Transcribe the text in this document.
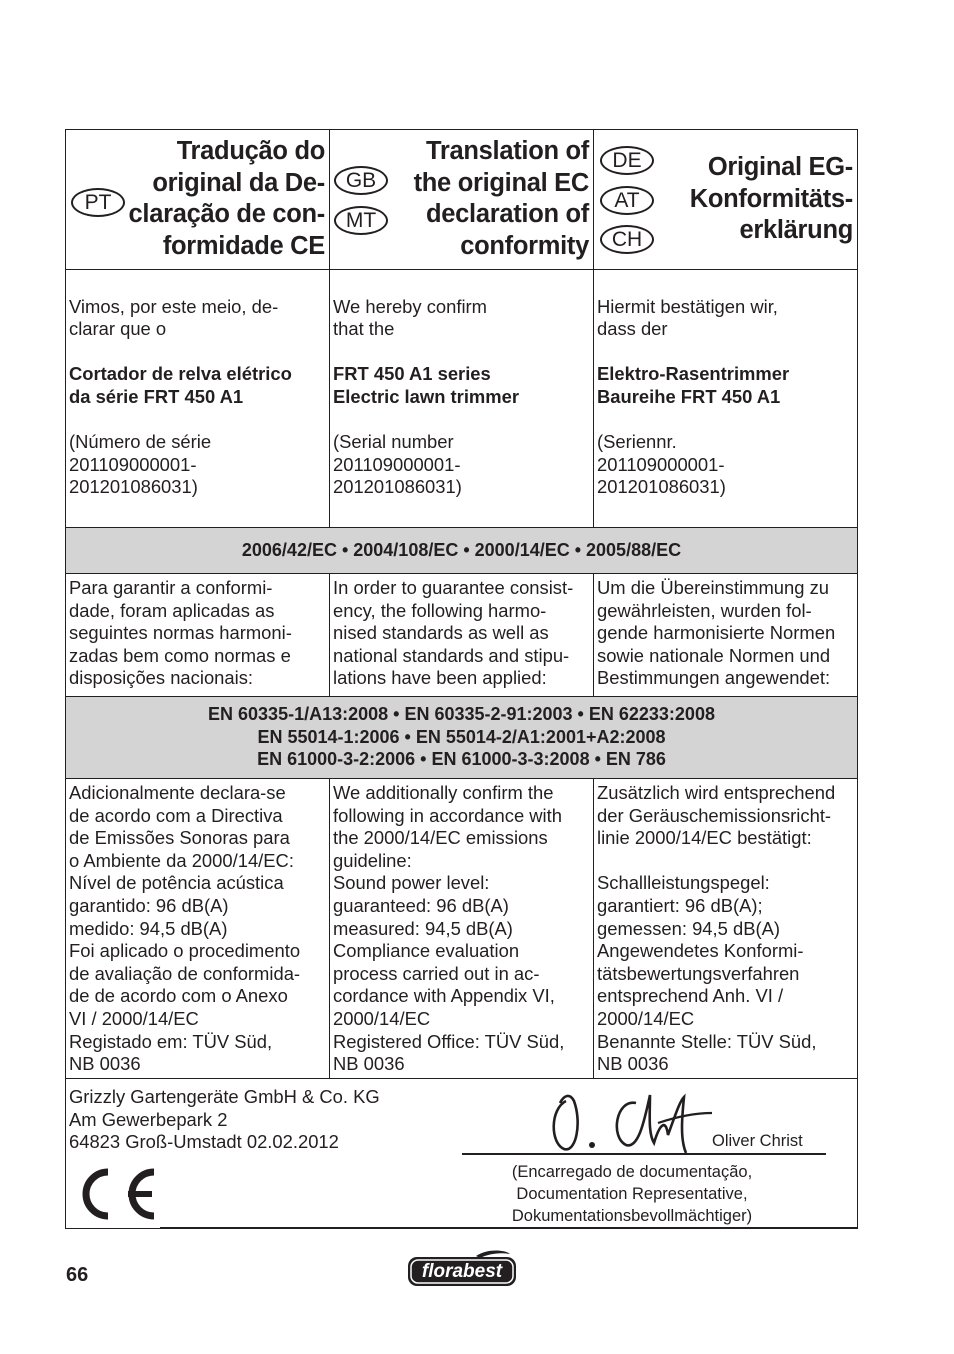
PT
Tradução do
original da De-
claração de con-
formidade CE
GB
MT
Translation of
the original EC
declaration of
conformity
DE
AT
CH
Original EG-
Konformitäts-
erklärung

Vimos, por este meio, de-
clarar que o

Cortador de relva elétrico
da série FRT 450 A1

(Número de série
201109000001-
201201086031)

We hereby confirm
that the

FRT 450 A1 series
Electric lawn trimmer

(Serial number
201109000001-
201201086031)

Hiermit bestätigen wir,
dass der

Elektro-Rasentrimmer
Baureihe FRT 450 A1

(Seriennr.
201109000001-
201201086031)

2006/42/EC • 2004/108/EC • 2000/14/EC • 2005/88/EC
Para garantir a conformi-
dade, foram aplicadas as
seguintes normas harmoni-
zadas bem como normas e
disposições nacionais:
In order to guarantee consist-
ency, the following harmo-
nised standards as well as
national standards and stipu-
lations have been applied:
Um die Übereinstimmung zu
gewährleisten, wurden fol-
gende harmonisierte Normen
sowie nationale Normen und
Bestimmungen angewendet:
EN 60335-1/A13:2008 • EN 60335-2-91:2003 • EN 62233:2008
EN 55014-1:2006 • EN 55014-2/A1:2001+A2:2008
EN 61000-3-2:2006 • EN 61000-3-3:2008 • EN 786
Adicionalmente declara-se
de acordo com a Directiva
de Emissões Sonoras para
o Ambiente da 2000/14/EC:
Nível de potência acústica
garantido: 96 dB(A)
medido: 94,5 dB(A)
Foi aplicado o procedimento
de avaliação de conformida-
de de acordo com o Anexo
VI / 2000/14/EC
Registado em: TÜV Süd,
NB 0036
We additionally confirm the
following in accordance with
the 2000/14/EC emissions
guideline:
Sound power level:
guaranteed: 96 dB(A)
measured: 94,5 dB(A)
Compliance evaluation
process carried out in ac-
cordance with Appendix VI,
2000/14/EC
Registered Office: TÜV Süd,
NB 0036
Zusätzlich wird entsprechend
der Geräuschemissionsricht-
linie 2000/14/EC bestätigt:

Schallleistungspegel:
garantiert: 96 dB(A);
gemessen: 94,5 dB(A)
Angewendetes Konformi-
tätsbewertungsverfahren
entsprechend Anh. VI /
2000/14/EC
Benannte Stelle: TÜV Süd,
NB 0036
Grizzly Gartengeräte GmbH & Co. KG
Am Gewerbepark 2
64823 Groß-Umstadt 02.02.2012	Oliver Christ
(Encarregado de documentação,
Documentation Representative,
Dokumentationsbevollmächtiger)
66	florabest
